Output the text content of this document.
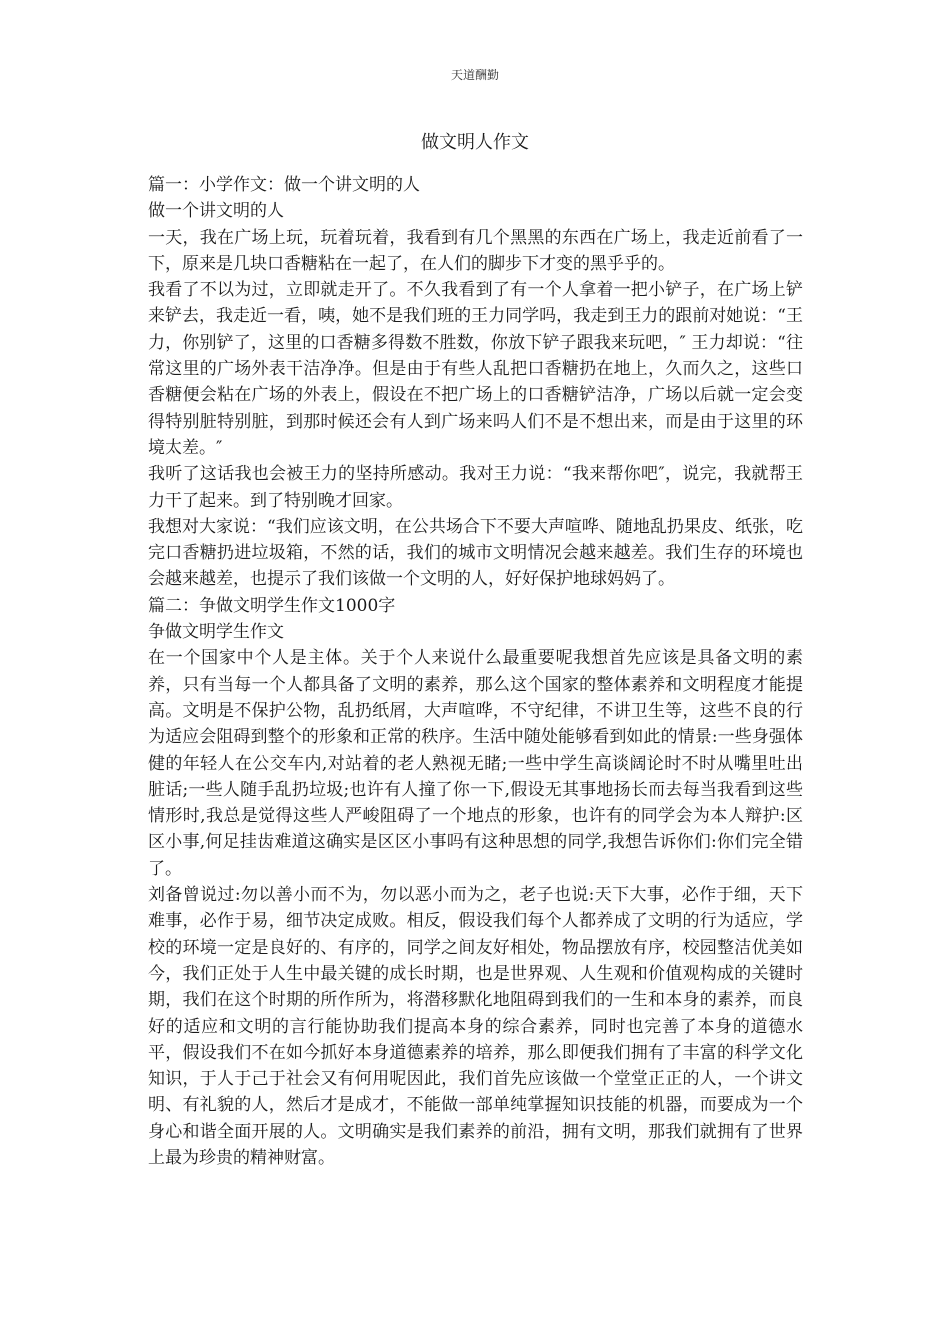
天道酬勤
做文明人作文

篇一：小学作文：做一个讲文明的人

做一个讲文明的人

一天，我在广场上玩，玩着玩着，我看到有几个黑黑的东西在广场上，我走近前看了一下，原来是几块口香糖粘在一起了，在人们的脚步下才变的黑乎乎的。

我看了不以为过，立即就走开了。不久我看到了有一个人拿着一把小铲子，在广场上铲来铲去，我走近一看，咦，她不是我们班的王力同学吗，我走到王力的跟前对她说：“王力，你别铲了，这里的口香糖多得数不胜数，你放下铲子跟我来玩吧，″ 王力却说：“往常这里的广场外表干洁净净。但是由于有些人乱把口香糖扔在地上，久而久之，这些口香糖便会粘在广场的外表上，假设在不把广场上的口香糖铲洁净，广场以后就一定会变得特别脏特别脏，到那时候还会有人到广场来吗人们不是不想出来，而是由于这里的环境太差。″

我听了这话我也会被王力的坚持所感动。我对王力说：“我来帮你吧″，说完，我就帮王力干了起来。到了特别晚才回家。

我想对大家说：“我们应该文明，在公共场合下不要大声喧哗、随地乱扔果皮、纸张，吃完口香糖扔进垃圾箱，不然的话，我们的城市文明情况会越来越差。我们生存的环境也会越来越差，也提示了我们该做一个文明的人，好好保护地球妈妈了。

篇二：争做文明学生作文1000字

争做文明学生作文

在一个国家中个人是主体。关于个人来说什么最重要呢我想首先应该是具备文明的素养，只有当每一个人都具备了文明的素养，那么这个国家的整体素养和文明程度才能提高。文明是不保护公物，乱扔纸屑，大声喧哗，不守纪律，不讲卫生等，这些不良的行为适应会阻碍到整个的形象和正常的秩序。生活中随处能够看到如此的情景:一些身强体健的年轻人在公交车内,对站着的老人熟视无睹;一些中学生高谈阔论时不时从嘴里吐出脏话;一些人随手乱扔垃圾;也许有人撞了你一下,假设无其事地扬长而去每当我看到这些情形时,我总是觉得这些人严峻阻碍了一个地点的形象，也许有的同学会为本人辩护:区区小事,何足挂齿难道这确实是区区小事吗有这种思想的同学,我想告诉你们:你们完全错了。

刘备曾说过:勿以善小而不为，勿以恶小而为之，老子也说:天下大事，必作于细，天下难事，必作于易，细节决定成败。相反，假设我们每个人都养成了文明的行为适应，学校的环境一定是良好的、有序的，同学之间友好相处，物品摆放有序，校园整洁优美如今，我们正处于人生中最关键的成长时期，也是世界观、人生观和价值观构成的关键时期，我们在这个时期的所作所为，将潜移默化地阻碍到我们的一生和本身的素养，而良好的适应和文明的言行能协助我们提高本身的综合素养，同时也完善了本身的道德水平，假设我们不在如今抓好本身道德素养的培养，那么即便我们拥有了丰富的科学文化知识，于人于己于社会又有何用呢因此，我们首先应该做一个堂堂正正的人，一个讲文明、有礼貌的人，然后才是成才，不能做一部单纯掌握知识技能的机器，而要成为一个身心和谐全面开展的人。文明确实是我们素养的前沿，拥有文明，那我们就拥有了世界上最为珍贵的精神财富。
